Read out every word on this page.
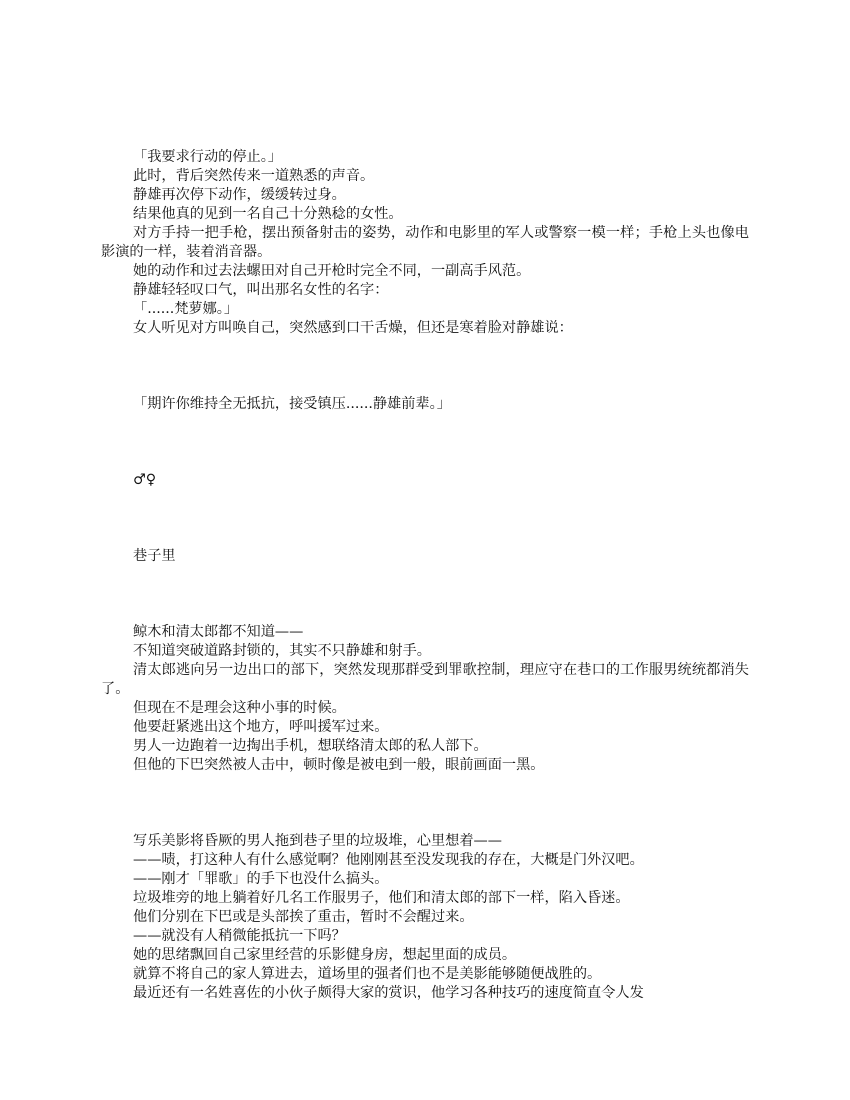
「我要求行动的停止。」

此时，背后突然传来一道熟悉的声音。

静雄再次停下动作，缓缓转过身。

结果他真的见到一名自己十分熟稔的女性。

对方手持一把手枪，摆出预备射击的姿势，动作和电影里的军人或警察一模一样；手枪上头也像电影演的一样，装着消音器。

她的动作和过去法螺田对自己开枪时完全不同，一副高手风范。

静雄轻轻叹口气，叫出那名女性的名字：

「......梵萝娜。」

女人听见对方叫唤自己，突然感到口干舌燥，但还是寒着脸对静雄说：

「期许你维持全无抵抗，接受镇压......静雄前辈。」

♂♀

巷子里

鲸木和清太郎都不知道——

不知道突破道路封锁的，其实不只静雄和射手。

清太郎逃向另一边出口的部下，突然发现那群受到罪歌控制，理应守在巷口的工作服男统统都消失了。

但现在不是理会这种小事的时候。

他要赶紧逃出这个地方，呼叫援军过来。

男人一边跑着一边掏出手机，想联络清太郎的私人部下。

但他的下巴突然被人击中，顿时像是被电到一般，眼前画面一黑。

写乐美影将昏厥的男人拖到巷子里的垃圾堆，心里想着——

——啧，打这种人有什么感觉啊？他刚刚甚至没发现我的存在，大概是门外汉吧。

——刚才「罪歌」的手下也没什么搞头。

垃圾堆旁的地上躺着好几名工作服男子，他们和清太郎的部下一样，陷入昏迷。

他们分别在下巴或是头部挨了重击，暂时不会醒过来。

——就没有人稍微能抵抗一下吗？

她的思绪飘回自己家里经营的乐影健身房，想起里面的成员。

就算不将自己的家人算进去，道场里的强者们也不是美影能够随便战胜的。

最近还有一名姓喜佐的小伙子颇得大家的赏识，他学习各种技巧的速度简直令人发
